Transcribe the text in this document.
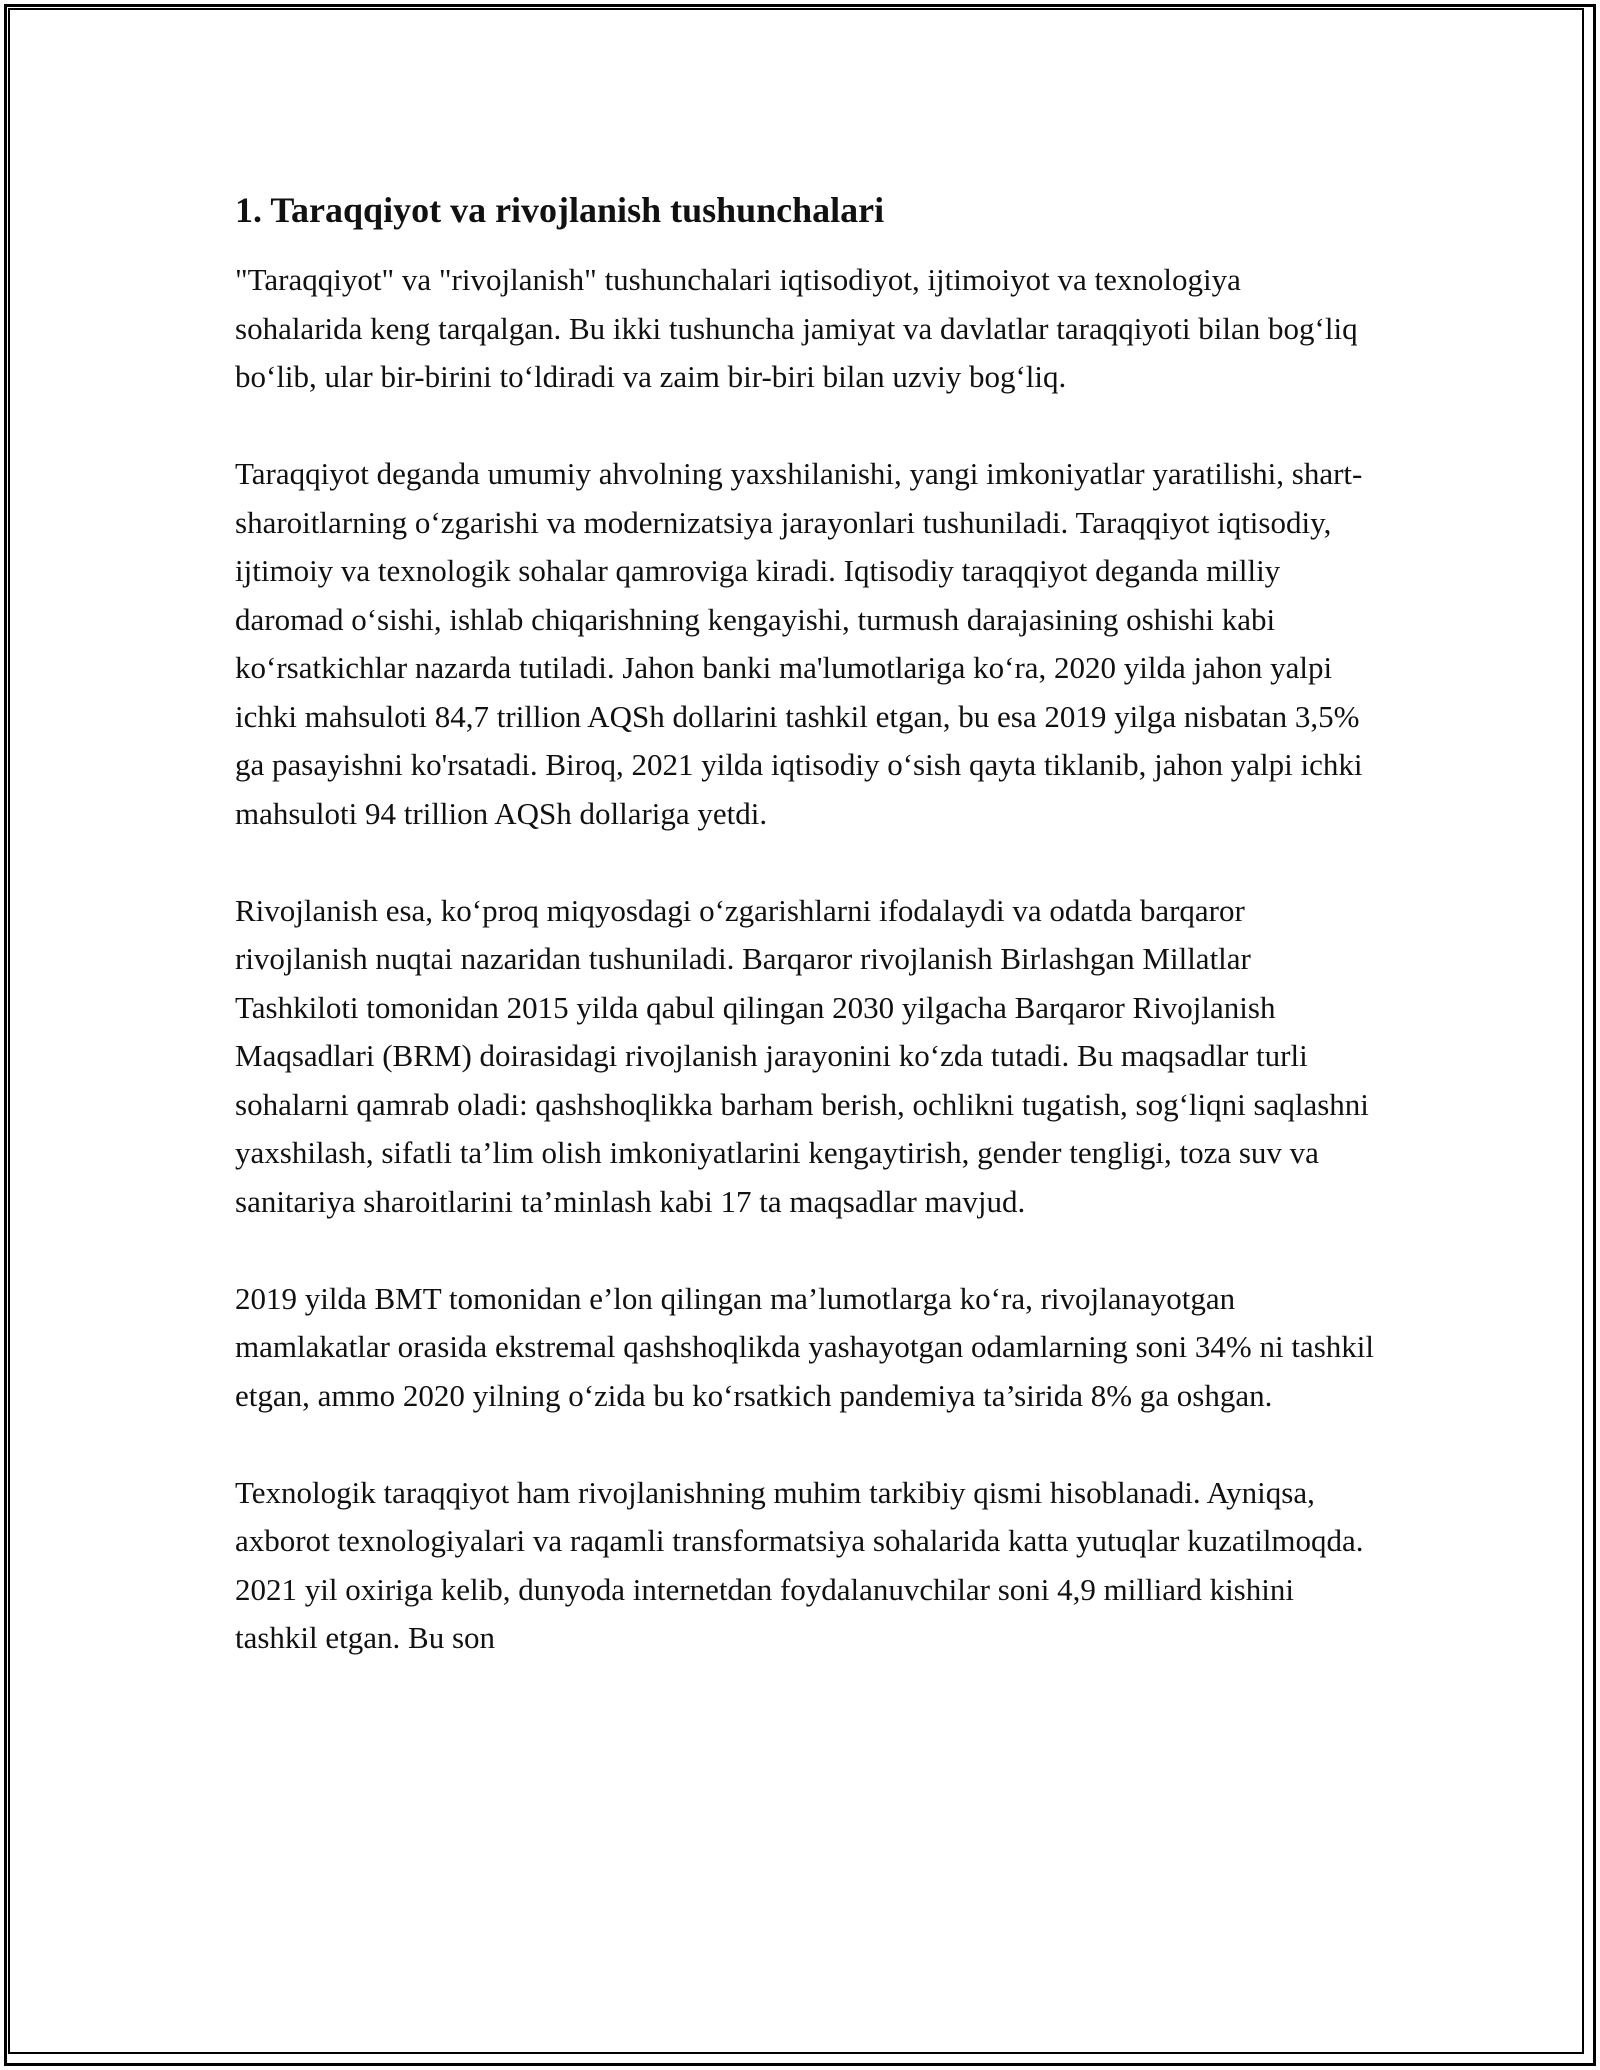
1. Taraqqiyot va rivojlanish tushunchalari

"Taraqqiyot" va "rivojlanish" tushunchalari iqtisodiyot, ijtimoiyot va texnologiya sohalarida keng tarqalgan. Bu ikki tushuncha jamiyat va davlatlar taraqqiyoti bilan bog‘liq bo‘lib, ular bir-birini to‘ldiradi va zaim bir-biri bilan uzviy bog‘liq.

Taraqqiyot deganda umumiy ahvolning yaxshilanishi, yangi imkoniyatlar yaratilishi, shart-sharoitlarning o‘zgarishi va modernizatsiya jarayonlari tushuniladi. Taraqqiyot iqtisodiy, ijtimoiy va texnologik sohalar qamroviga kiradi. Iqtisodiy taraqqiyot deganda milliy daromad o‘sishi, ishlab chiqarishning kengayishi, turmush darajasining oshishi kabi ko‘rsatkichlar nazarda tutiladi. Jahon banki ma'lumotlariga ko‘ra, 2020 yilda jahon yalpi ichki mahsuloti 84,7 trillion AQSh dollarini tashkil etgan, bu esa 2019 yilga nisbatan 3,5% ga pasayishni ko'rsatadi. Biroq, 2021 yilda iqtisodiy o‘sish qayta tiklanib, jahon yalpi ichki mahsuloti 94 trillion AQSh dollariga yetdi.

Rivojlanish esa, ko‘proq miqyosdagi o‘zgarishlarni ifodalaydi va odatda barqaror rivojlanish nuqtai nazaridan tushuniladi. Barqaror rivojlanish Birlashgan Millatlar Tashkiloti tomonidan 2015 yilda qabul qilingan 2030 yilgacha Barqaror Rivojlanish Maqsadlari (BRM) doirasidagi rivojlanish jarayonini ko‘zda tutadi. Bu maqsadlar turli sohalarni qamrab oladi: qashshoqlikka barham berish, ochlikni tugatish, sog‘liqni saqlashni yaxshilash, sifatli ta’lim olish imkoniyatlarini kengaytirish, gender tengligi, toza suv va sanitariya sharoitlarini ta’minlash kabi 17 ta maqsadlar mavjud.

2019 yilda BMT tomonidan e’lon qilingan ma’lumotlarga ko‘ra, rivojlanayotgan mamlakatlar orasida ekstremal qashshoqlikda yashayotgan odamlarning soni 34% ni tashkil etgan, ammo 2020 yilning o‘zida bu ko‘rsatkich pandemiya ta’sirida 8% ga oshgan.

Texnologik taraqqiyot ham rivojlanishning muhim tarkibiy qismi hisoblanadi. Ayniqsa, axborot texnologiyalari va raqamli transformatsiya sohalarida katta yutuqlar kuzatilmoqda. 2021 yil oxiriga kelib, dunyoda internetdan foydalanuvchilar soni 4,9 milliard kishini tashkil etgan. Bu son
